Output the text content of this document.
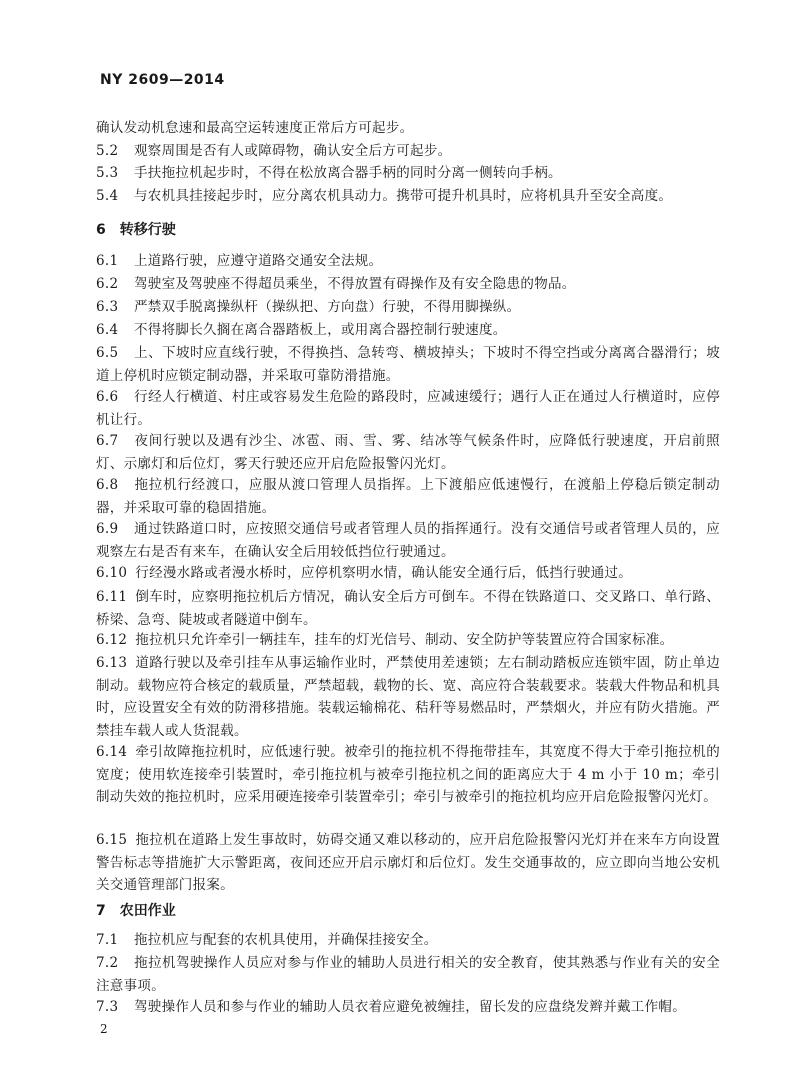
NY 2609—2014
确认发动机怠速和最高空运转速度正常后方可起步。
5.2 观察周围是否有人或障碍物，确认安全后方可起步。
5.3 手扶拖拉机起步时，不得在松放离合器手柄的同时分离一侧转向手柄。
5.4 与农机具挂接起步时，应分离农机具动力。携带可提升机具时，应将机具升至安全高度。
6 转移行驶
6.1 上道路行驶，应遵守道路交通安全法规。
6.2 驾驶室及驾驶座不得超员乘坐，不得放置有碍操作及有安全隐患的物品。
6.3 严禁双手脱离操纵杆（操纵把、方向盘）行驶，不得用脚操纵。
6.4 不得将脚长久搁在离合器踏板上，或用离合器控制行驶速度。
6.5 上、下坡时应直线行驶，不得换挡、急转弯、横坡掉头；下坡时不得空挡或分离离合器滑行；坡道上停机时应锁定制动器，并采取可靠防滑措施。
6.6 行经人行横道、村庄或容易发生危险的路段时，应减速缓行；遇行人正在通过人行横道时，应停机让行。
6.7 夜间行驶以及遇有沙尘、冰雹、雨、雪、雾、结冰等气候条件时，应降低行驶速度，开启前照灯、示廓灯和后位灯，雾天行驶还应开启危险报警闪光灯。
6.8 拖拉机行经渡口，应服从渡口管理人员指挥。上下渡船应低速慢行，在渡船上停稳后锁定制动器，并采取可靠的稳固措施。
6.9 通过铁路道口时，应按照交通信号或者管理人员的指挥通行。没有交通信号或者管理人员的，应观察左右是否有来车，在确认安全后用较低挡位行驶通过。
6.10 行经漫水路或者漫水桥时，应停机察明水情，确认能安全通行后，低挡行驶通过。
6.11 倒车时，应察明拖拉机后方情况，确认安全后方可倒车。不得在铁路道口、交叉路口、单行路、桥梁、急弯、陡坡或者隧道中倒车。
6.12 拖拉机只允许牵引一辆挂车，挂车的灯光信号、制动、安全防护等装置应符合国家标准。
6.13 道路行驶以及牵引挂车从事运输作业时，严禁使用差速锁；左右制动踏板应连锁牢固，防止单边制动。载物应符合核定的载质量，严禁超载，载物的长、宽、高应符合装载要求。装载大件物品和机具时，应设置安全有效的防滑移措施。装载运输棉花、秸秆等易燃品时，严禁烟火，并应有防火措施。严禁挂车载人或人货混载。
6.14 牵引故障拖拉机时，应低速行驶。被牵引的拖拉机不得拖带挂车，其宽度不得大于牵引拖拉机的宽度；使用软连接牵引装置时，牵引拖拉机与被牵引拖拉机之间的距离应大于 4 m 小于 10 m；牵引制动失效的拖拉机时，应采用硬连接牵引装置牵引；牵引与被牵引的拖拉机均应开启危险报警闪光灯。
6.15 拖拉机在道路上发生事故时，妨碍交通又难以移动的，应开启危险报警闪光灯并在来车方向设置警告标志等措施扩大示警距离，夜间还应开启示廓灯和后位灯。发生交通事故的，应立即向当地公安机关交通管理部门报案。
7 农田作业
7.1 拖拉机应与配套的农机具使用，并确保挂接安全。
7.2 拖拉机驾驶操作人员应对参与作业的辅助人员进行相关的安全教育，使其熟悉与作业有关的安全注意事项。
7.3 驾驶操作人员和参与作业的辅助人员衣着应避免被缠挂，留长发的应盘绕发辫并戴工作帽。
2
